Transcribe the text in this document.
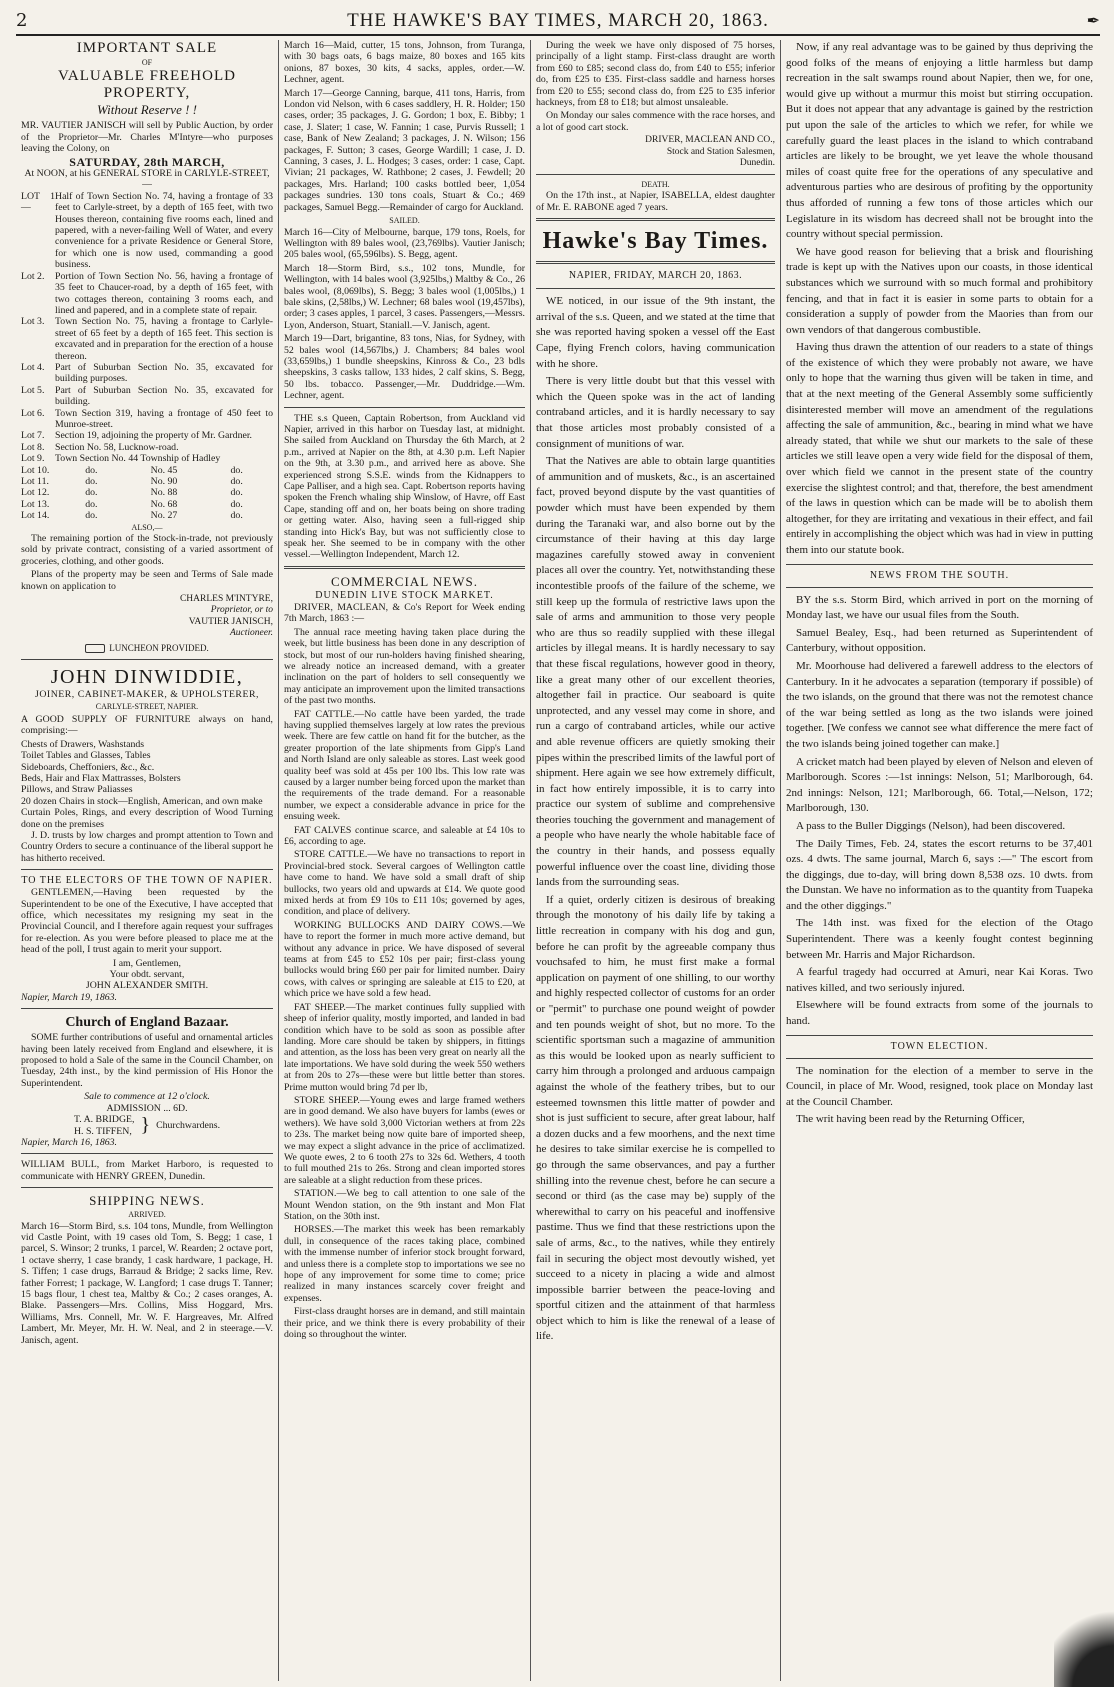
2	THE HAWKE'S BAY TIMES, MARCH 20, 1863.	✒
IMPORTANT SALE
OF
VALUABLE FREEHOLD PROPERTY,
Without Reserve ! !

MR. VAUTIER JANISCH will sell by Public Auction, by order of the Proprietor—Mr. Charles M'Intyre—who purposes leaving the Colony, on

SATURDAY, 28th MARCH,
At NOON, at his GENERAL STORE in CARLYLE-STREET,—
LOT 1—
Half of Town Section No. 74, having a frontage of 33 feet to Carlyle-street, by a depth of 165 feet, with two Houses thereon, containing five rooms each, lined and papered, with a never-failing Well of Water, and every convenience for a private Residence or General Store, for which one is now used, commanding a good business.
Lot 2.	Portion of Town Section No. 56, having a frontage of 35 feet to Chaucer-road, by a depth of 165 feet, with two cottages thereon, containing 3 rooms each, and lined and papered, and in a complete state of repair.
Lot 3.	Town Section No. 75, having a frontage to Carlyle-street of 65 feet by a depth of 165 feet. This section is excavated and in preparation for the erection of a house thereon.
Lot 4.	Part of Suburban Section No. 35, excavated for building purposes.
Lot 5.	Part of Suburban Section No. 35, excavated for building.
Lot 6.	Town Section 319, having a frontage of 450 feet to Munroe-street.
Lot 7.	Section 19, adjoining the property of Mr. Gardner.
Lot 8.	Section No. 58, Lucknow-road.
Lot 9.	Town Section No. 44 Township of Hadley
Lot 10.	do.	No. 45	do.
Lot 11.	do.	No. 90	do.
Lot 12.	do.	No. 88	do.
Lot 13.	do.	No. 68	do.
Lot 14.	do.	No. 27	do.
ALSO,—

The remaining portion of the Stock-in-trade, not previously sold by private contract, consisting of a varied assortment of groceries, clothing, and other goods.

Plans of the property may be seen and Terms of Sale made known on application to

CHARLES M'INTYRE,
Proprietor, or to
VAUTIER JANISCH,
Auctioneer.
LUNCHEON PROVIDED.
JOHN DINWIDDIE,
JOINER, CABINET-MAKER, & UPHOLSTERER,
CARLYLE-STREET, NAPIER.

A GOOD SUPPLY OF FURNITURE always on hand, comprising:—

Chests of Drawers, Washstands
Toilet Tables and Glasses, Tables
Sideboards, Cheffoniers, &c., &c.
Beds, Hair and Flax Mattrasses, Bolsters
Pillows, and Straw Paliasses
20 dozen Chairs in stock—English, American, and own make
Curtain Poles, Rings, and every description of Wood Turning done on the premises

J. D. trusts by low charges and prompt attention to Town and Country Orders to secure a continuance of the liberal support he has hitherto received.

TO THE ELECTORS OF THE TOWN OF NAPIER.

GENTLEMEN,—Having been requested by the Superintendent to be one of the Executive, I have accepted that office, which necessitates my resigning my seat in the Provincial Council, and I therefore again request your suffrages for re-election. As you were before pleased to place me at the head of the poll, I trust again to merit your support.

I am, Gentlemen,
Your obdt. servant,
JOHN ALEXANDER SMITH.
Napier, March 19, 1863.
Church of England Bazaar.

SOME further contributions of useful and ornamental articles having been lately received from England and elsewhere, it is proposed to hold a Sale of the same in the Council Chamber, on Tuesday, 24th inst., by the kind permission of His Honor the Superintendent.

Sale to commence at 12 o'clock.
ADMISSION ... 6D.
T. A. BRIDGE,
H. S. TIFFEN, } Churchwardens.
Napier, March 16, 1863.

WILLIAM BULL, from Market Harboro, is requested to communicate with HENRY GREEN, Dunedin.

SHIPPING NEWS.
ARRIVED.

March 16—Storm Bird, s.s. 104 tons, Mundle, from Wellington vid Castle Point, with 19 cases old Tom, S. Begg; 1 case, 1 parcel, S. Winsor; 2 trunks, 1 parcel, W. Rearden; 2 octave port, 1 octave sherry, 1 case brandy, 1 cask hardware, 1 package, H. S. Tiffen; 1 case drugs, Barraud & Bridge; 2 sacks lime, Rev. father Forrest; 1 package, W. Langford; 1 case drugs T. Tanner; 15 bags flour, 1 chest tea, Maltby & Co.; 2 cases oranges, A. Blake. Passengers—Mrs. Collins, Miss Hoggard, Mrs. Williams, Mrs. Connell, Mr. W. F. Hargreaves, Mr. Alfred Lambert, Mr. Meyer, Mr. H. W. Neal, and 2 in steerage.—V. Janisch, agent.

March 16—Maid, cutter, 15 tons, Johnson, from Turanga, with 30 bags oats, 6 bags maize, 80 boxes and 165 kits onions, 87 boxes, 30 kits, 4 sacks, apples, order.—W. Lechner, agent.

March 17—George Canning, barque, 411 tons, Harris, from London vid Nelson, with 6 cases saddlery, H. R. Holder; 150 cases, order; 35 packages, J. G. Gordon; 1 box, E. Bibby; 1 case, J. Slater; 1 case, W. Fannin; 1 case, Purvis Russell; 1 case, Bank of New Zealand; 3 packages, J. N. Wilson; 156 packages, F. Sutton; 3 cases, George Wardill; 1 case, J. D. Canning, 3 cases, J. L. Hodges; 3 cases, order: 1 case, Capt. Vivian; 21 packages, W. Rathbone; 2 cases, J. Fewdell; 20 packages, Mrs. Harland; 100 casks bottled beer, 1,054 packages sundries. 130 tons coals, Stuart & Co.; 469 packages, Samuel Begg.—Remainder of cargo for Auckland.

SAILED.

March 16—City of Melbourne, barque, 179 tons, Roels, for Wellington with 89 bales wool, (23,769lbs). Vautier Janisch; 205 bales wool, (65,596lbs). S. Begg, agent.

March 18—Storm Bird, s.s., 102 tons, Mundle, for Wellington, with 14 bales wool (3,925lbs,) Maltby & Co., 26 bales wool, (8,069lbs), S. Begg; 3 bales wool (1,005lbs,) 1 bale skins, (2,58lbs,) W. Lechner; 68 bales wool (19,457lbs), order; 3 cases apples, 1 parcel, 3 cases. Passengers,—Messrs. Lyon, Anderson, Stuart, Staniall.—V. Janisch, agent.

March 19—Dart, brigantine, 83 tons, Nias, for Sydney, with 52 bales wool (14,567lbs,) J. Chambers; 84 bales wool (33,659lbs,) 1 bundle sheepskins, Kinross & Co., 23 bdls sheepskins, 3 casks tallow, 133 hides, 2 calf skins, S. Begg, 50 lbs. tobacco. Passenger,—Mr. Duddridge.—Wm. Lechner, agent.

THE s.s Queen, Captain Robertson, from Auckland vid Napier, arrived in this harbor on Tuesday last, at midnight. She sailed from Auckland on Thursday the 6th March, at 2 p.m., arrived at Napier on the 8th, at 4.30 p.m. Left Napier on the 9th, at 3.30 p.m., and arrived here as above. She experienced strong S.S.E. winds from the Kidnappers to Cape Palliser, and a high sea. Capt. Robertson reports having spoken the French whaling ship Winslow, of Havre, off East Cape, standing off and on, her boats being on shore trading or getting water. Also, having seen a full-rigged ship standing into Hick's Bay, but was not sufficiently close to speak her. She seemed to be in company with the other vessel.—Wellington Independent, March 12.

COMMERCIAL NEWS.
DUNEDIN LIVE STOCK MARKET.

DRIVER, MACLEAN, & Co's Report for Week ending 7th March, 1863 :—

The annual race meeting having taken place during the week, but little business has been done in any description of stock, but most of our run-holders having finished shearing, we already notice an increased demand, with a greater inclination on the part of holders to sell consequently we may anticipate an improvement upon the limited transactions of the past two months.

FAT CATTLE.—No cattle have been yarded, the trade having supplied themselves largely at low rates the previous week. There are few cattle on hand fit for the butcher, as the greater proportion of the late shipments from Gipp's Land and North Island are only saleable as stores. Last week good quality beef was sold at 45s per 100 lbs. This low rate was caused by a larger number being forced upon the market than the requirements of the trade demand. For a reasonable number, we expect a considerable advance in price for the ensuing week.

FAT CALVES continue scarce, and saleable at £4 10s to £6, according to age.

STORE CATTLE.—We have no transactions to report in Provincial-bred stock. Several cargoes of Wellington cattle have come to hand. We have sold a small draft of ship bullocks, two years old and upwards at £14. We quote good mixed herds at from £9 10s to £11 10s; governed by ages, condition, and place of delivery.

WORKING BULLOCKS AND DAIRY COWS.—We have to report the former in much more active demand, but without any advance in price. We have disposed of several teams at from £45 to £52 10s per pair; first-class young bullocks would bring £60 per pair for limited number. Dairy cows, with calves or springing are saleable at £15 to £20, at which price we have sold a few head.

FAT SHEEP.—The market continues fully supplied with sheep of inferior quality, mostly imported, and landed in bad condition which have to be sold as soon as possible after landing. More care should be taken by shippers, in fittings and attention, as the loss has been very great on nearly all the late importations. We have sold during the week 550 wethers at from 20s to 27s—these were but little better than stores. Prime mutton would bring 7d per lb,

STORE SHEEP.—Young ewes and large framed wethers are in good demand. We also have buyers for lambs (ewes or wethers). We have sold 3,000 Victorian wethers at from 22s to 23s. The market being now quite bare of imported sheep, we may expect a slight advance in the price of acclimatized. We quote ewes, 2 to 6 tooth 27s to 32s 6d. Wethers, 4 tooth to full mouthed 21s to 26s. Strong and clean imported stores are saleable at a slight reduction from these prices.

STATION.—We beg to call attention to one sale of the Mount Wendon station, on the 9th instant and Mon Flat Station, on the 30th inst.

HORSES.—The market this week has been remarkably dull, in consequence of the races taking place, combined with the immense number of inferior stock brought forward, and unless there is a complete stop to importations we see no hope of any improvement for some time to come; price realized in many instances scarcely cover freight and expenses.

First-class draught horses are in demand, and still maintain their price, and we think there is every probability of their doing so throughout the winter.

During the week we have only disposed of 75 horses, principally of a light stamp. First-class draught are worth from £60 to £85; second class do, from £40 to £55; inferior do, from £25 to £35. First-class saddle and harness horses from £20 to £55; second class do, from £25 to £35 inferior hackneys, from £8 to £18; but almost unsaleable.

On Monday our sales commence with the race horses, and a lot of good cart stock.

DRIVER, MACLEAN AND CO.,
Stock and Station Salesmen,
Dunedin.
DEATH.

On the 17th inst., at Napier, ISABELLA, eldest daughter of Mr. E. RABONE aged 7 years.

Hawke's Bay Times.
NAPIER, FRIDAY, MARCH 20, 1863.

WE noticed, in our issue of the 9th instant, the arrival of the s.s. Queen, and we stated at the time that she was reported having spoken a vessel off the East Cape, flying French colors, having communication with he shore.

There is very little doubt but that this vessel with which the Queen spoke was in the act of landing contraband articles, and it is hardly necessary to say that those articles most probably consisted of a consignment of munitions of war.

That the Natives are able to obtain large quantities of ammunition and of muskets, &c., is an ascertained fact, proved beyond dispute by the vast quantities of powder which must have been expended by them during the Taranaki war, and also borne out by the circumstance of their having at this day large magazines carefully stowed away in convenient places all over the country. Yet, notwithstanding these incontestible proofs of the failure of the scheme, we still keep up the formula of restrictive laws upon the sale of arms and ammunition to those very people who are thus so readily supplied with these illegal articles by illegal means. It is hardly necessary to say that these fiscal regulations, however good in theory, like a great many other of our excellent theories, altogether fail in practice. Our seaboard is quite unprotected, and any vessel may come in shore, and run a cargo of contraband articles, while our active and able revenue officers are quietly smoking their pipes within the prescribed limits of the lawful port of shipment. Here again we see how extremely difficult, in fact how entirely impossible, it is to carry into practice our system of sublime and comprehensive theories touching the government and management of a people who have nearly the whole habitable face of the country in their hands, and possess equally powerful influence over the coast line, dividing those lands from the surrounding seas.

If a quiet, orderly citizen is desirous of breaking through the monotony of his daily life by taking a little recreation in company with his dog and gun, before he can profit by the agreeable company thus vouchsafed to him, he must first make a formal application on payment of one shilling, to our worthy and highly respected collector of customs for an order or "permit" to purchase one pound weight of powder and ten pounds weight of shot, but no more. To the scientific sportsman such a magazine of ammunition as this would be looked upon as nearly sufficient to carry him through a prolonged and arduous campaign against the whole of the feathery tribes, but to our esteemed townsmen this little matter of powder and shot is just sufficient to secure, after great labour, half a dozen ducks and a few moorhens, and the next time he desires to take similar exercise he is compelled to go through the same observances, and pay a further shilling into the revenue chest, before he can secure a second or third (as the case may be) supply of the wherewithal to carry on his peaceful and inoffensive pastime. Thus we find that these restrictions upon the sale of arms, &c., to the natives, while they entirely fail in securing the object most devoutly wished, yet succeed to a nicety in placing a wide and almost impossible barrier between the peace-loving and sportful citizen and the attainment of that harmless object which to him is like the renewal of a lease of life.

Now, if any real advantage was to be gained by thus depriving the good folks of the means of enjoying a little harmless but damp recreation in the salt swamps round about Napier, then we, for one, would give up without a murmur this moist but stirring occupation. But it does not appear that any advantage is gained by the restriction put upon the sale of the articles to which we refer, for while we carefully guard the least places in the island to which contraband articles are likely to be brought, we yet leave the whole thousand miles of coast quite free for the operations of any speculative and adventurous parties who are desirous of profiting by the opportunity thus afforded of running a few tons of those articles which our Legislature in its wisdom has decreed shall not be brought into the country without special permission.

We have good reason for believing that a brisk and flourishing trade is kept up with the Natives upon our coasts, in those identical substances which we surround with so much formal and prohibitory fencing, and that in fact it is easier in some parts to obtain for a consideration a supply of powder from the Maories than from our own vendors of that dangerous combustible.

Having thus drawn the attention of our readers to a state of things of the existence of which they were probably not aware, we have only to hope that the warning thus given will be taken in time, and that at the next meeting of the General Assembly some sufficiently disinterested member will move an amendment of the regulations affecting the sale of ammunition, &c., bearing in mind what we have already stated, that while we shut our markets to the sale of these articles we still leave open a very wide field for the disposal of them, over which field we cannot in the present state of the country exercise the slightest control; and that, therefore, the best amendment of the laws in question which can be made will be to abolish them altogether, for they are irritating and vexatious in their effect, and fail entirely in accomplishing the object which was had in view in putting them into our statute book.

NEWS FROM THE SOUTH.

BY the s.s. Storm Bird, which arrived in port on the morning of Monday last, we have our usual files from the South.

Samuel Bealey, Esq., had been returned as Superintendent of Canterbury, without opposition.

Mr. Moorhouse had delivered a farewell address to the electors of Canterbury. In it he advocates a separation (temporary if possible) of the two islands, on the ground that there was not the remotest chance of the war being settled as long as the two islands were joined together. [We confess we cannot see what difference the mere fact of the two islands being joined together can make.]

A cricket match had been played by eleven of Nelson and eleven of Marlborough. Scores :—1st innings: Nelson, 51; Marlborough, 64. 2nd innings: Nelson, 121; Marlborough, 66. Total,—Nelson, 172; Marlborough, 130.

A pass to the Buller Diggings (Nelson), had been discovered.

The Daily Times, Feb. 24, states the escort returns to be 37,401 ozs. 4 dwts. The same journal, March 6, says :—" The escort from the diggings, due to-day, will bring down 8,538 ozs. 10 dwts. from the Dunstan. We have no information as to the quantity from Tuapeka and the other diggings."

The 14th inst. was fixed for the election of the Otago Superintendent. There was a keenly fought contest beginning between Mr. Harris and Major Richardson.

A fearful tragedy had occurred at Amuri, near Kai Koras. Two natives killed, and two seriously injured.

Elsewhere will be found extracts from some of the journals to hand.

TOWN ELECTION.

The nomination for the election of a member to serve in the Council, in place of Mr. Wood, resigned, took place on Monday last at the Council Chamber.

The writ having been read by the Returning Officer,
